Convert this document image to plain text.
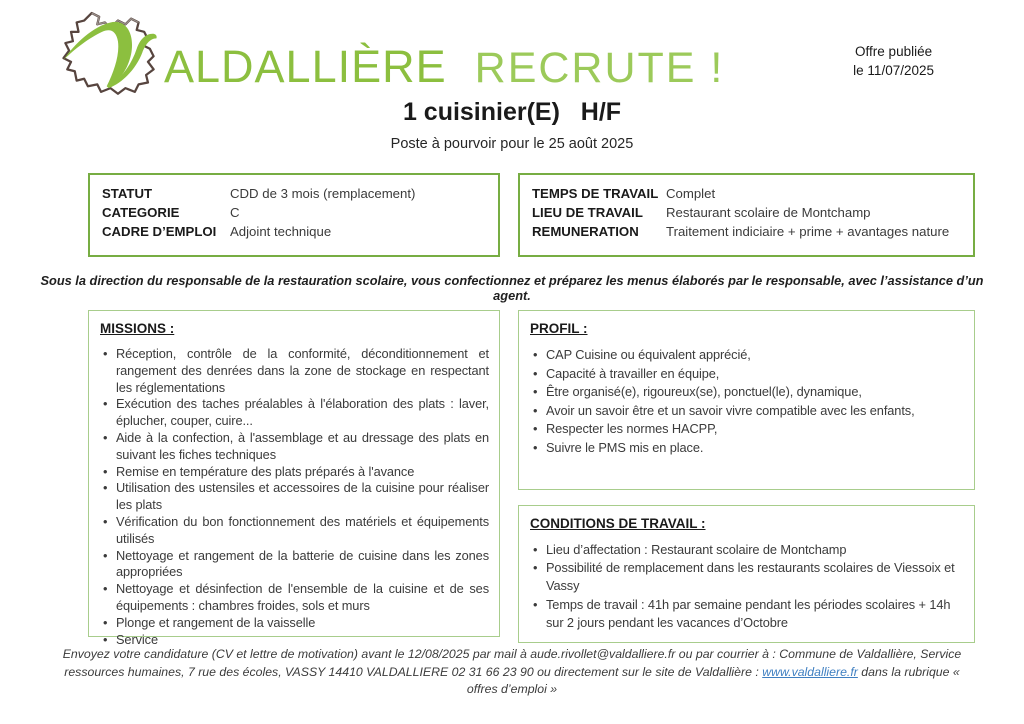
ALDALLIÈRE RECRUTE !	Offre publiée
le 11/07/2025
1 cuisinier(E)   H/F
Poste à pourvoir pour le 25 août 2025
STATUT	CDD de 3 mois (remplacement)
CATEGORIE	C
CADRE D’EMPLOI	Adjoint technique
TEMPS DE TRAVAIL Complet
LIEU DE TRAVAIL	Restaurant scolaire de Montchamp
REMUNERATION	Traitement indiciaire + prime + avantages nature

Sous la direction du responsable de la restauration scolaire, vous confectionnez et préparez les menus élaborés par le responsable, avec l’assistance d’un agent.

MISSIONS :
• Réception, contrôle de la conformité, déconditionnement et rangement des denrées dans la zone de stockage en respectant les réglementations
• Exécution des taches préalables à l'élaboration des plats : laver, éplucher, couper, cuire...
• Aide à la confection, à l'assemblage et au dressage des plats en suivant les fiches techniques
• Remise en température des plats préparés à l'avance
• Utilisation des ustensiles et accessoires de la cuisine pour réaliser les plats
• Vérification du bon fonctionnement des matériels et équipements utilisés
• Nettoyage et rangement de la batterie de cuisine dans les zones appropriées
• Nettoyage et désinfection de l'ensemble de la cuisine et de ses équipements : chambres froides, sols et murs
• Plonge et rangement de la vaisselle
• Service
PROFIL :
• CAP Cuisine ou équivalent apprécié,
• Capacité à travailler en équipe,
• Être organisé(e), rigoureux(se), ponctuel(le), dynamique,
• Avoir un savoir être et un savoir vivre compatible avec les enfants,
• Respecter les normes HACPP,
• Suivre le PMS mis en place.
CONDITIONS DE TRAVAIL :
• Lieu d’affectation : Restaurant scolaire de Montchamp
• Possibilité de remplacement dans les restaurants scolaires de Viessoix et Vassy
• Temps de travail : 41h par semaine pendant les périodes scolaires + 14h sur 2 jours pendant les vacances d’Octobre
Envoyez votre candidature (CV et lettre de motivation) avant le 12/08/2025 par mail à aude.rivollet@valdalliere.fr ou par courrier à : Commune de Valdallière, Service ressources humaines, 7 rue des écoles, VASSY 14410 VALDALLIERE 02 31 66 23 90 ou directement sur le site de Valdallière : www.valdalliere.fr dans la rubrique « offres d’emploi »
